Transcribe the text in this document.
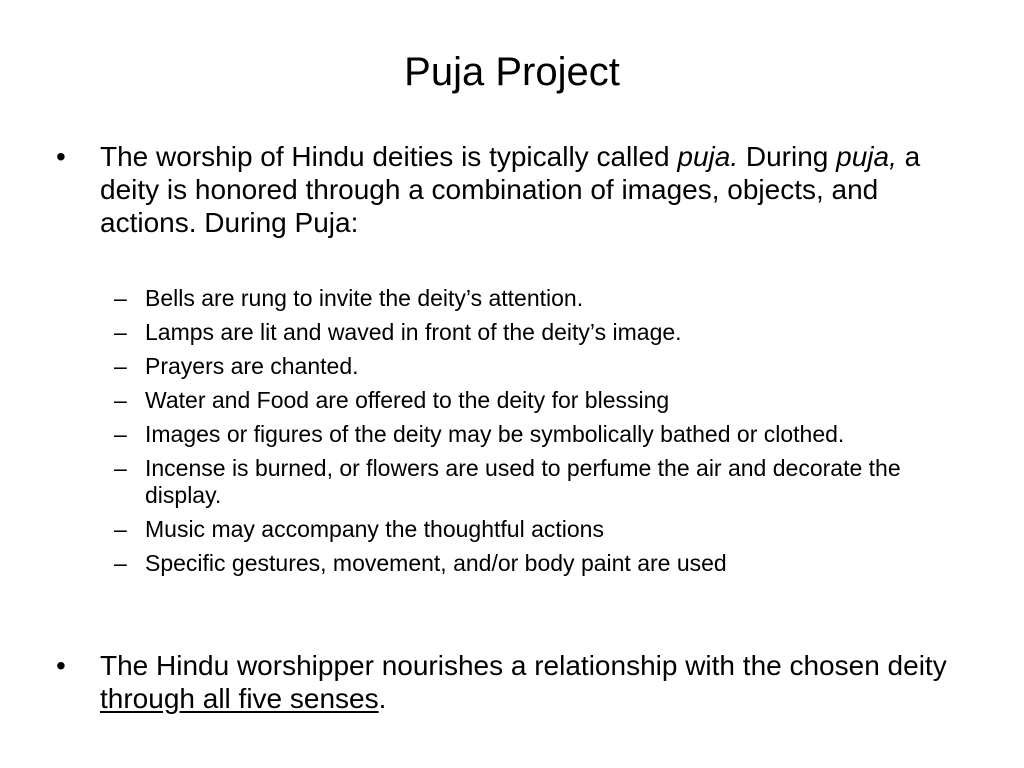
Puja Project
•	The worship of Hindu deities is typically called puja. During puja, a deity is honored through a combination of images, objects, and actions. During Puja:
– Bells are rung to invite the deity’s attention.
– Lamps are lit and waved in front of the deity’s image.
– Prayers are chanted.
– Water and Food are offered to the deity for blessing
– Images or figures of the deity may be symbolically bathed or clothed.
– Incense is burned, or flowers are used to perfume the air and decorate the display.
– Music may accompany the thoughtful actions
– Specific gestures, movement, and/or body paint are used
•	The Hindu worshipper nourishes a relationship with the chosen deity through all five senses.
